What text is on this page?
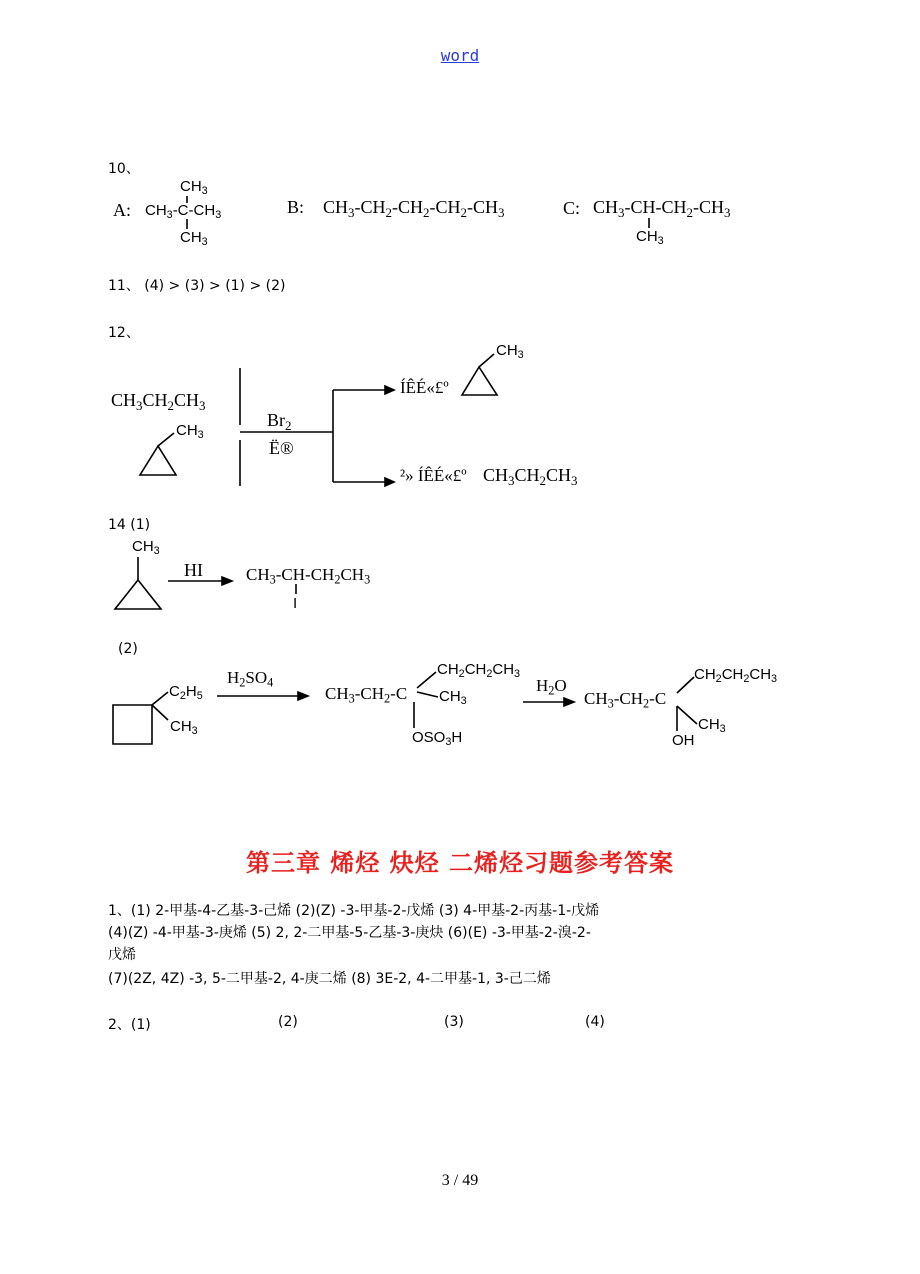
word
10、
A:
$CH_3$
$CH_3-C-CH_3$
$CH_3$
B: $CH_3-CH_2-CH_2-CH_2-CH_3$	C: $CH_3-CH-CH_2-CH_3$
$CH_3$
11、 (4) > (3) > (1) > (2)
12、
$CH_3CH_2CH_3$
$CH_3$
$Br_2$
Ë®
ÍÊÉ«£º
$CH_3$
²» ÍÊÉ«£º $CH_3CH_2CH_3$
14 (1)
$CH_3$
HI	$CH_3-CH-CH_2CH_3$
I
(2)
$C_2H_5$
$CH_3$
$H_2SO_4$
$CH_2CH_2CH_3$
$CH_3-CH_2-C$ $CH_3$
$OSO_3H$
$H_2O$
$CH_2CH_2CH_3$
$CH_3-CH_2-C$
$CH_3$
OH
第三章 烯烃 炔烃 二烯烃习题参考答案
1、(1) 2-甲基-4-乙基-3-己烯 (2)(Z) -3-甲基-2-戊烯 (3) 4-甲基-2-丙基-1-戊烯
(4)(Z) -4-甲基-3-庚烯 (5) 2, 2-二甲基-5-乙基-3-庚炔 (6)(E) -3-甲基-2-溴-2-
戊烯
(7)(2Z, 4Z) -3, 5-二甲基-2, 4-庚二烯 (8) 3E-2, 4-二甲基-1, 3-己二烯
2、(1)	(2)	(3)	(4)
3 / 49
